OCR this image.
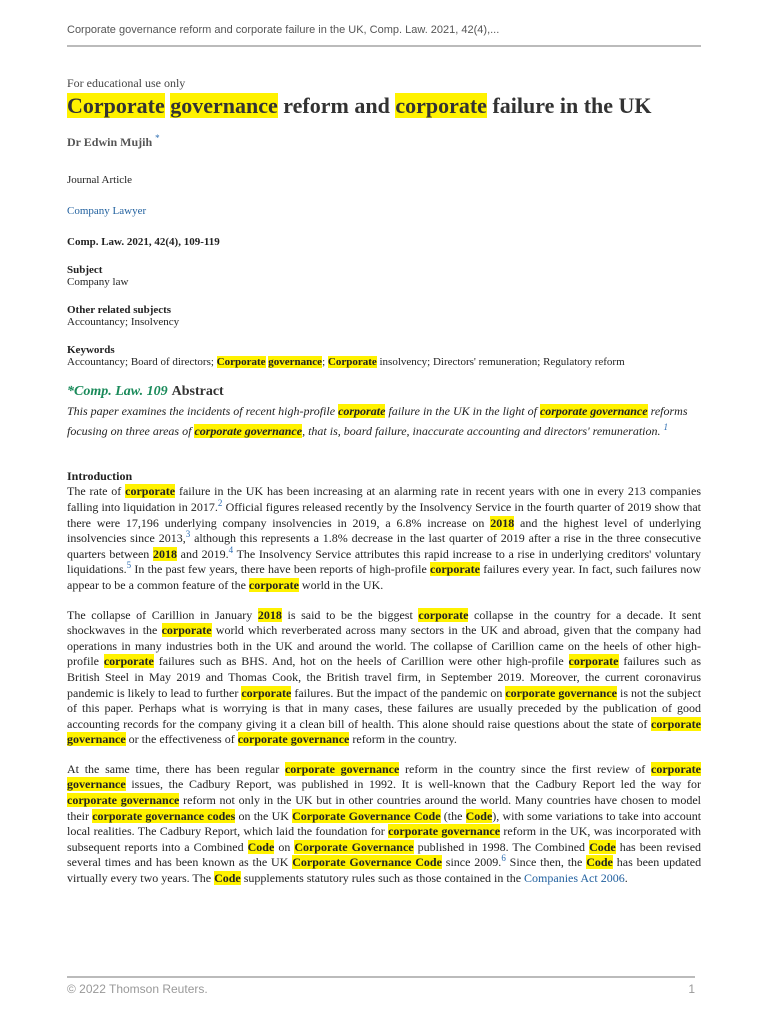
Corporate governance reform and corporate failure in the UK, Comp. Law. 2021, 42(4),...

For educational use only

Corporate governance reform and corporate failure in the UK
Dr Edwin Mujih *

Journal Article

Company Lawyer

Comp. Law. 2021, 42(4), 109-119

Subject

Company law

Other related subjects

Accountancy; Insolvency

Keywords

Accountancy; Board of directors; Corporate governance; Corporate insolvency; Directors' remuneration; Regulatory reform

*Comp. Law. 109 Abstract

This paper examines the incidents of recent high-profile corporate failure in the UK in the light of corporate governance reforms focusing on three areas of corporate governance, that is, board failure, inaccurate accounting and directors' remuneration. $^1$

Introduction

The rate of corporate failure in the UK has been increasing at an alarming rate in recent years with one in every 213 companies falling into liquidation in 2017.$^2$ Official figures released recently by the Insolvency Service in the fourth quarter of 2019 show that there were 17,196 underlying company insolvencies in 2019, a 6.8% increase on 2018 and the highest level of underlying insolvencies since 2013,$^3$ although this represents a 1.8% decrease in the last quarter of 2019 after a rise in the three consecutive quarters between 2018 and 2019.$^4$ The Insolvency Service attributes this rapid increase to a rise in underlying creditors' voluntary liquidations.$^5$ In the past few years, there have been reports of high-profile corporate failures every year. In fact, such failures now appear to be a common feature of the corporate world in the UK.

The collapse of Carillion in January 2018 is said to be the biggest corporate collapse in the country for a decade. It sent shockwaves in the corporate world which reverberated across many sectors in the UK and abroad, given that the company had operations in many industries both in the UK and around the world. The collapse of Carillion came on the heels of other high-profile corporate failures such as BHS. And, hot on the heels of Carillion were other high-profile corporate failures such as British Steel in May 2019 and Thomas Cook, the British travel firm, in September 2019. Moreover, the current coronavirus pandemic is likely to lead to further corporate failures. But the impact of the pandemic on corporate governance is not the subject of this paper. Perhaps what is worrying is that in many cases, these failures are usually preceded by the publication of good accounting records for the company giving it a clean bill of health. This alone should raise questions about the state of corporate governance or the effectiveness of corporate governance reform in the country.

At the same time, there has been regular corporate governance reform in the country since the first review of corporate governance issues, the Cadbury Report, was published in 1992. It is well-known that the Cadbury Report led the way for corporate governance reform not only in the UK but in other countries around the world. Many countries have chosen to model their corporate governance codes on the UK Corporate Governance Code (the Code), with some variations to take into account local realities. The Cadbury Report, which laid the foundation for corporate governance reform in the UK, was incorporated with subsequent reports into a Combined Code on Corporate Governance published in 1998. The Combined Code has been revised several times and has been known as the UK Corporate Governance Code since 2009.$^6$ Since then, the Code has been updated virtually every two years. The Code supplements statutory rules such as those contained in the Companies Act 2006.

© 2022 Thomson Reuters.	1
